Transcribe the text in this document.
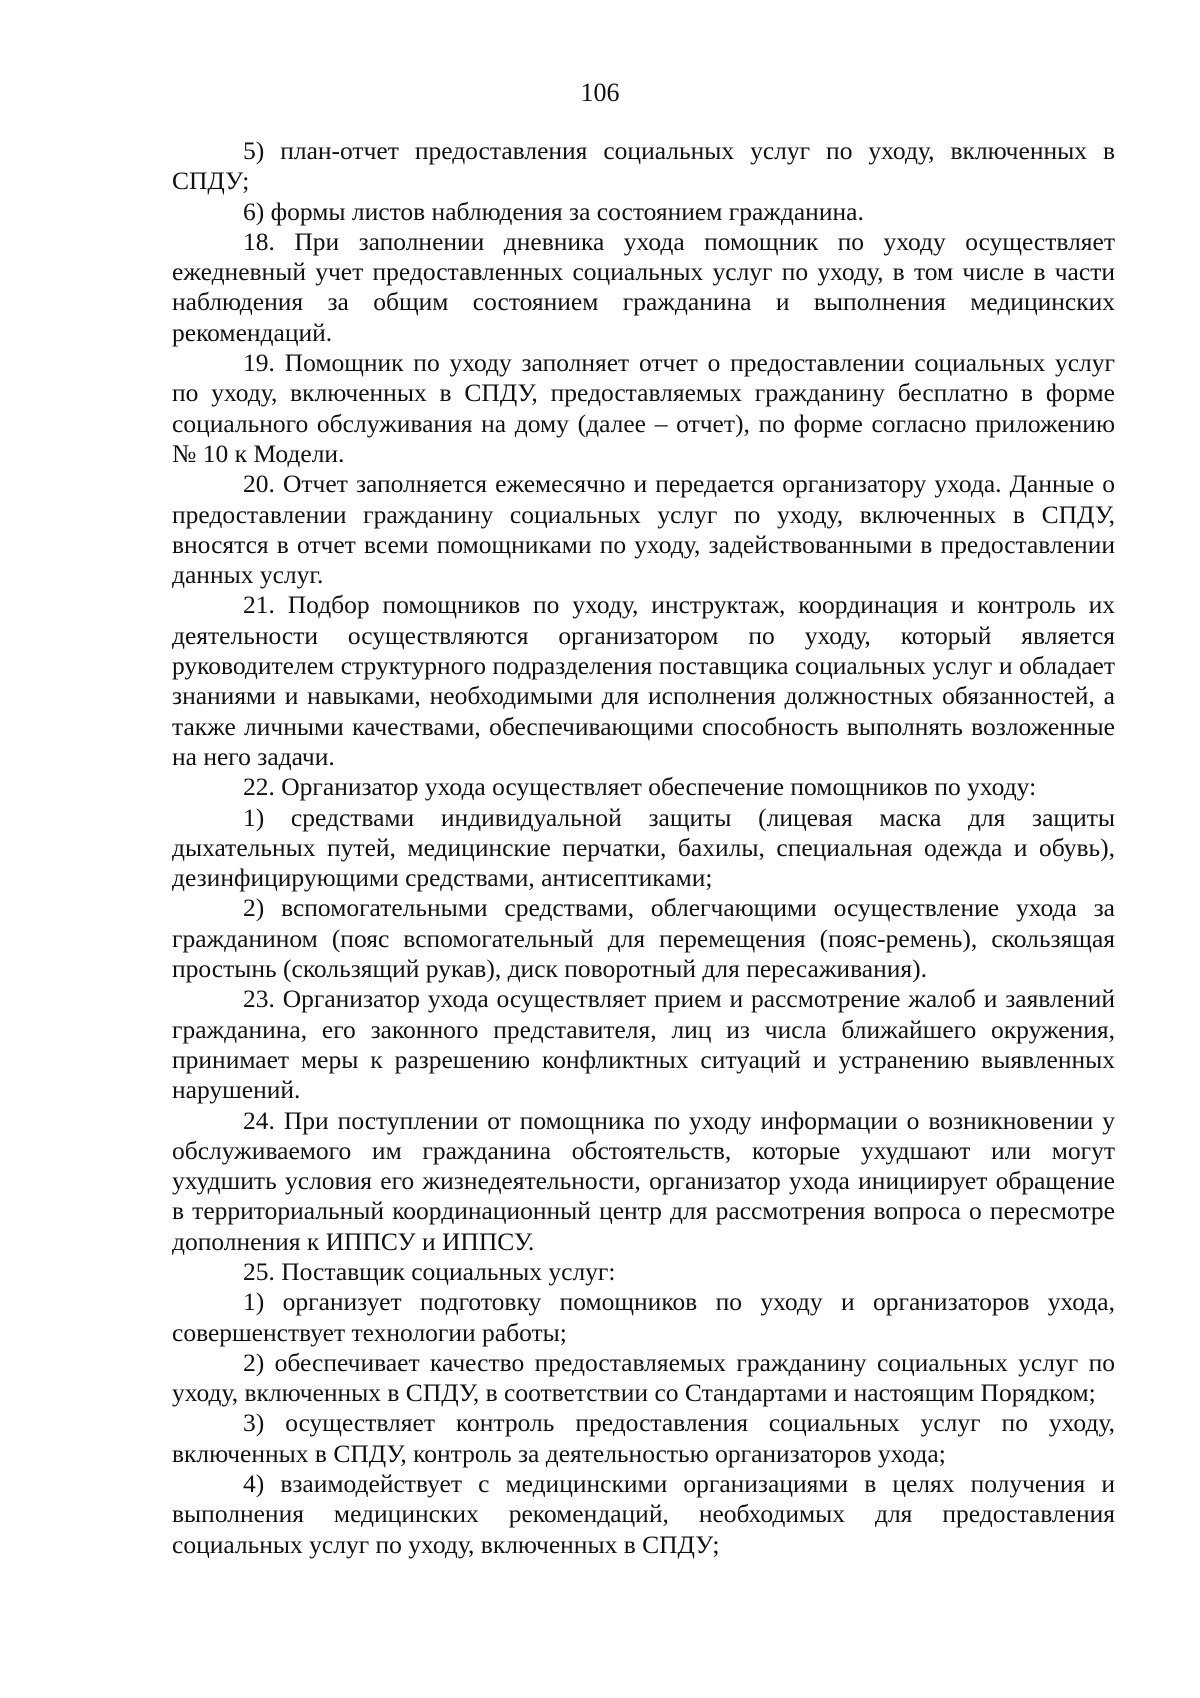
106

5) план-отчет предоставления социальных услуг по уходу, включенных в СПДУ;

6) формы листов наблюдения за состоянием гражданина.

18. При заполнении дневника ухода помощник по уходу осуществляет ежедневный учет предоставленных социальных услуг по уходу, в том числе в части наблюдения за общим состоянием гражданина и выполнения медицинских рекомендаций.

19. Помощник по уходу заполняет отчет о предоставлении социальных услуг по уходу, включенных в СПДУ, предоставляемых гражданину бесплатно в форме социального обслуживания на дому (далее – отчет), по форме согласно приложению № 10 к Модели.

20. Отчет заполняется ежемесячно и передается организатору ухода. Данные о предоставлении гражданину социальных услуг по уходу, включенных в СПДУ, вносятся в отчет всеми помощниками по уходу, задействованными в предоставлении данных услуг.

21. Подбор помощников по уходу, инструктаж, координация и контроль их деятельности осуществляются организатором по уходу, который является руководителем структурного подразделения поставщика социальных услуг и обладает знаниями и навыками, необходимыми для исполнения должностных обязанностей, а также личными качествами, обеспечивающими способность выполнять возложенные на него задачи.

22. Организатор ухода осуществляет обеспечение помощников по уходу:

1) средствами индивидуальной защиты (лицевая маска для защиты дыхательных путей, медицинские перчатки, бахилы, специальная одежда и обувь), дезинфицирующими средствами, антисептиками;

2) вспомогательными средствами, облегчающими осуществление ухода за гражданином (пояс вспомогательный для перемещения (пояс-ремень), скользящая простынь (скользящий рукав), диск поворотный для пересаживания).

23. Организатор ухода осуществляет прием и рассмотрение жалоб и заявлений гражданина, его законного представителя, лиц из числа ближайшего окружения, принимает меры к разрешению конфликтных ситуаций и устранению выявленных нарушений.

24. При поступлении от помощника по уходу информации о возникновении у обслуживаемого им гражданина обстоятельств, которые ухудшают или могут ухудшить условия его жизнедеятельности, организатор ухода инициирует обращение в территориальный координационный центр для рассмотрения вопроса о пересмотре дополнения к ИППСУ и ИППСУ.

25. Поставщик социальных услуг:

1) организует подготовку помощников по уходу и организаторов ухода, совершенствует технологии работы;

2) обеспечивает качество предоставляемых гражданину социальных услуг по уходу, включенных в СПДУ, в соответствии со Стандартами и настоящим Порядком;

3) осуществляет контроль предоставления социальных услуг по уходу, включенных в СПДУ, контроль за деятельностью организаторов ухода;

4) взаимодействует с медицинскими организациями в целях получения и выполнения медицинских рекомендаций, необходимых для предоставления социальных услуг по уходу, включенных в СПДУ;
